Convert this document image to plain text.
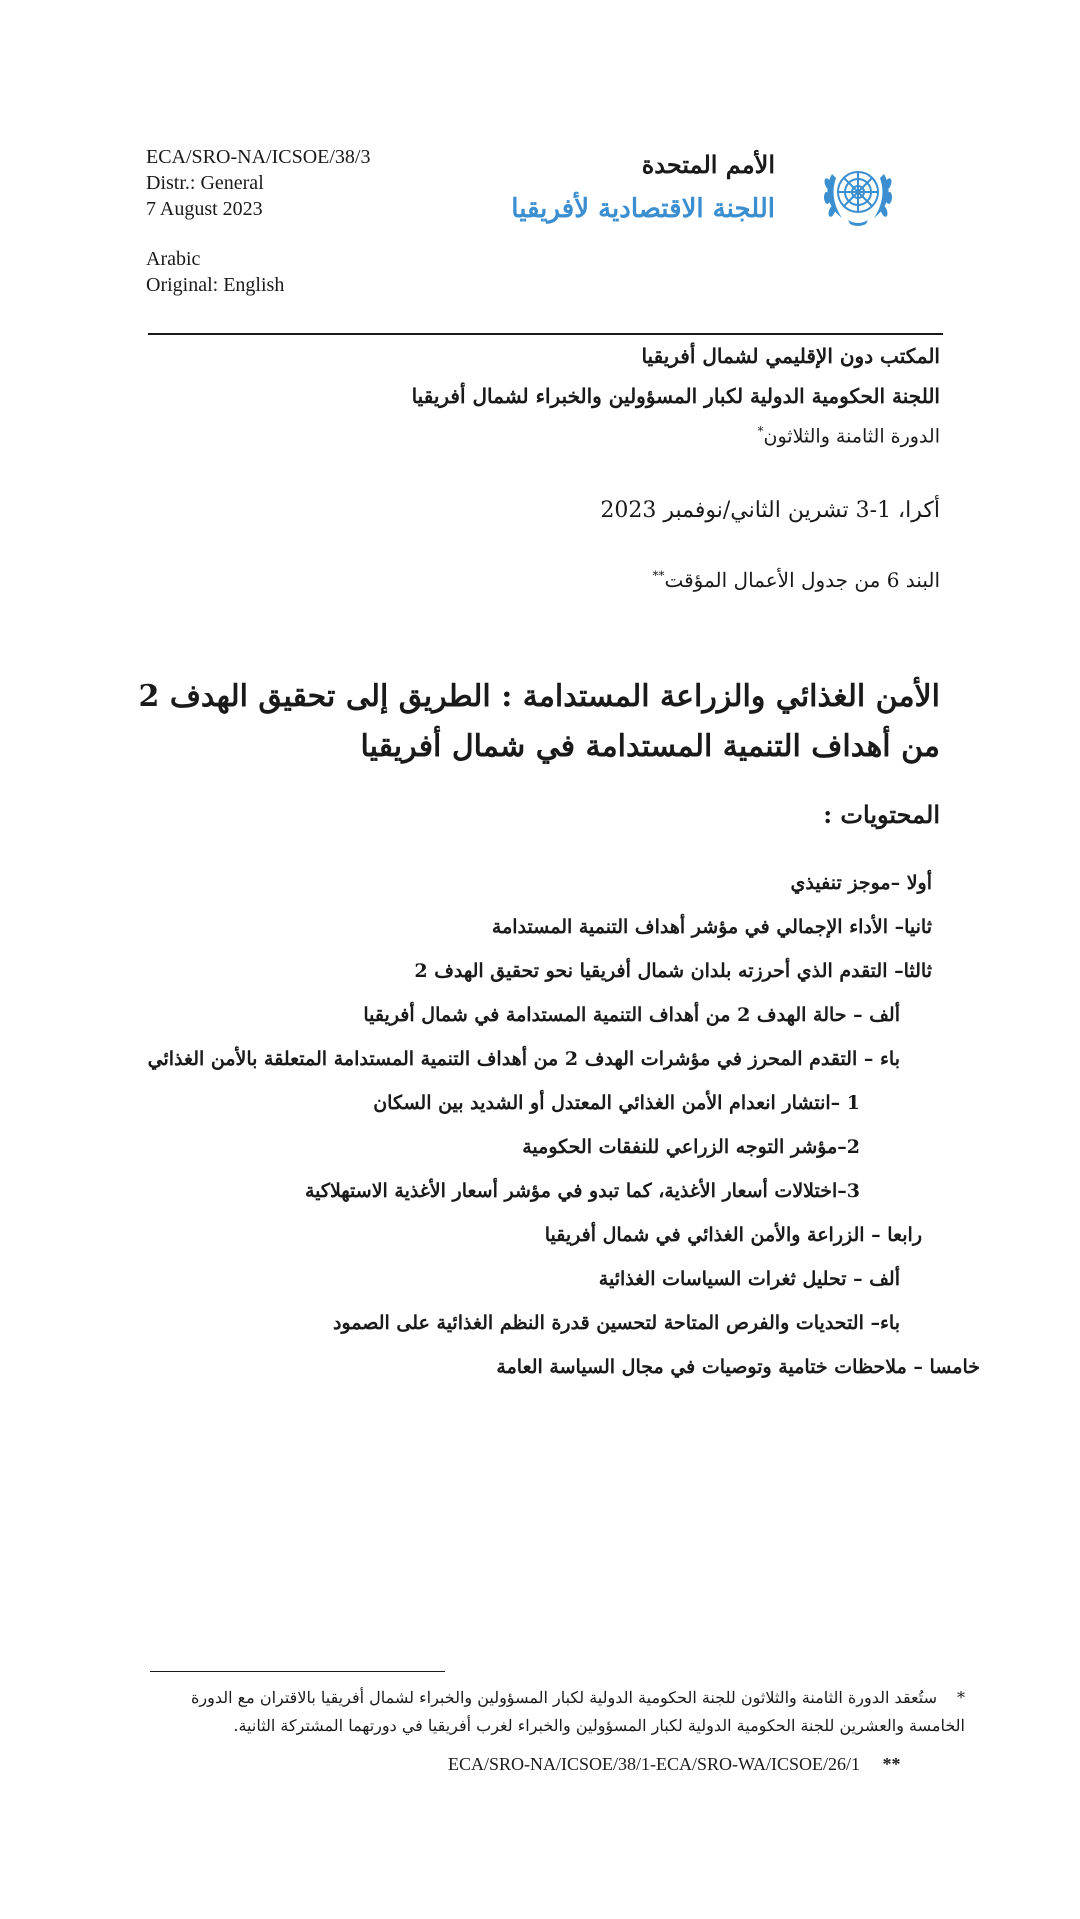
ECA/SRO-NA/ICSOE/38/3
Distr.: General
7 August 2023
Arabic
Original: English
الأمم المتحدة
اللجنة الاقتصادية لأفريقيا
المكتب دون الإقليمي لشمال أفريقيا
اللجنة الحكومية الدولية لكبار المسؤولين والخبراء لشمال أفريقيا
الدورة الثامنة والثلاثون*
أكرا، 1-3 تشرين الثاني/نوفمبر 2023
البند 6 من جدول الأعمال المؤقت**
الأمن الغذائي والزراعة المستدامة : الطريق إلى تحقيق الهدف 2 من أهداف التنمية المستدامة في شمال أفريقيا
المحتويات :
أولا –موجز تنفيذي
ثانيا– الأداء الإجمالي في مؤشر أهداف التنمية المستدامة
ثالثا– التقدم الذي أحرزته بلدان شمال أفريقيا نحو تحقيق الهدف 2
ألف – حالة الهدف 2 من أهداف التنمية المستدامة في شمال أفريقيا
باء – التقدم المحرز في مؤشرات الهدف 2 من أهداف التنمية المستدامة المتعلقة بالأمن الغذائي
1 –انتشار انعدام الأمن الغذائي المعتدل أو الشديد بين السكان
2–مؤشر التوجه الزراعي للنفقات الحكومية
3–اختلالات أسعار الأغذية، كما تبدو في مؤشر أسعار الأغذية الاستهلاكية
رابعا – الزراعة والأمن الغذائي في شمال أفريقيا
ألف – تحليل ثغرات السياسات الغذائية
باء– التحديات والفرص المتاحة لتحسين قدرة النظم الغذائية على الصمود
خامسا – ملاحظات ختامية وتوصيات في مجال السياسة العامة
*ستُعقد الدورة الثامنة والثلاثون للجنة الحكومية الدولية لكبار المسؤولين والخبراء لشمال أفريقيا بالاقتران مع الدورة الخامسة والعشرين للجنة الحكومية الدولية لكبار المسؤولين والخبراء لغرب أفريقيا في دورتهما المشتركة الثانية.
ECA/SRO-NA/ICSOE/38/1-ECA/SRO-WA/ICSOE/26/1 **
